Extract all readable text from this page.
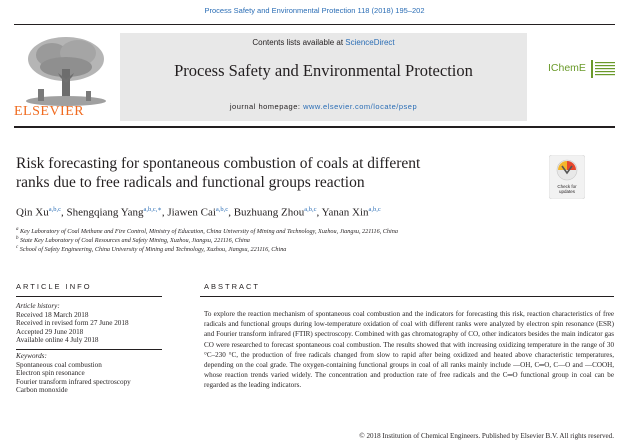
Process Safety and Environmental Protection 118 (2018) 195–202
ELSEVIER
Contents lists available at ScienceDirect
Process Safety and Environmental Protection
journal homepage: www.elsevier.com/locate/psep
IChemE
Risk forecasting for spontaneous combustion of coals at different
ranks due to free radicals and functional groups reaction	Check for
updates
Qin Xu$^{a,b,c}$, Shengqiang Yang$^{a,b,c,∗}$, Jiawen Cai$^{a,b,c}$, Buzhuang Zhou$^{a,b,c}$, Yanan Xin$^{a,b,c}$
$^a$ Key Laboratory of Coal Methane and Fire Control, Ministry of Education, China University of Mining and Technology, Xuzhou, Jiangsu, 221116, China
$^b$ State Key Laboratory of Coal Resources and Safety Mining, Xuzhou, Jiangsu, 221116, China
$^c$ School of Safety Engineering, China University of Mining and Technology, Xuzhou, Jiangsu, 221116, China
ARTICLE INFO
Article history:
Received 18 March 2018
Received in revised form 27 June 2018
Accepted 29 June 2018
Available online 4 July 2018
Keywords:
Spontaneous coal combustion
Electron spin resonance
Fourier transform infrared spectroscopy
Carbon monoxide
ABSTRACT
To explore the reaction mechanism of spontaneous coal combustion and the indicators for forecasting this risk, reaction characteristics of free radicals and functional groups during low-temperature oxidation of coal with different ranks were analyzed by electron spin resonance (ESR) and Fourier transform infrared (FTIR) spectroscopy. Combined with gas chromatography of CO, other indicators besides the main indicator gas CO were researched to forecast spontaneous coal combustion. The results showed that with increasing oxidizing temperature in the range of 30 °C–230 °C, the production of free radicals changed from slow to rapid after being oxidized and heated above characteristic temperatures, depending on the coal grade. The oxygen-containing functional groups in coal of all ranks mainly include —OH, C═O, C—O and —COOH, whose reaction trends varied widely. The concentration and production rate of free radicals and the C═O functional group in coal can be regarded as the leading indicators.
© 2018 Institution of Chemical Engineers. Published by Elsevier B.V. All rights reserved.
